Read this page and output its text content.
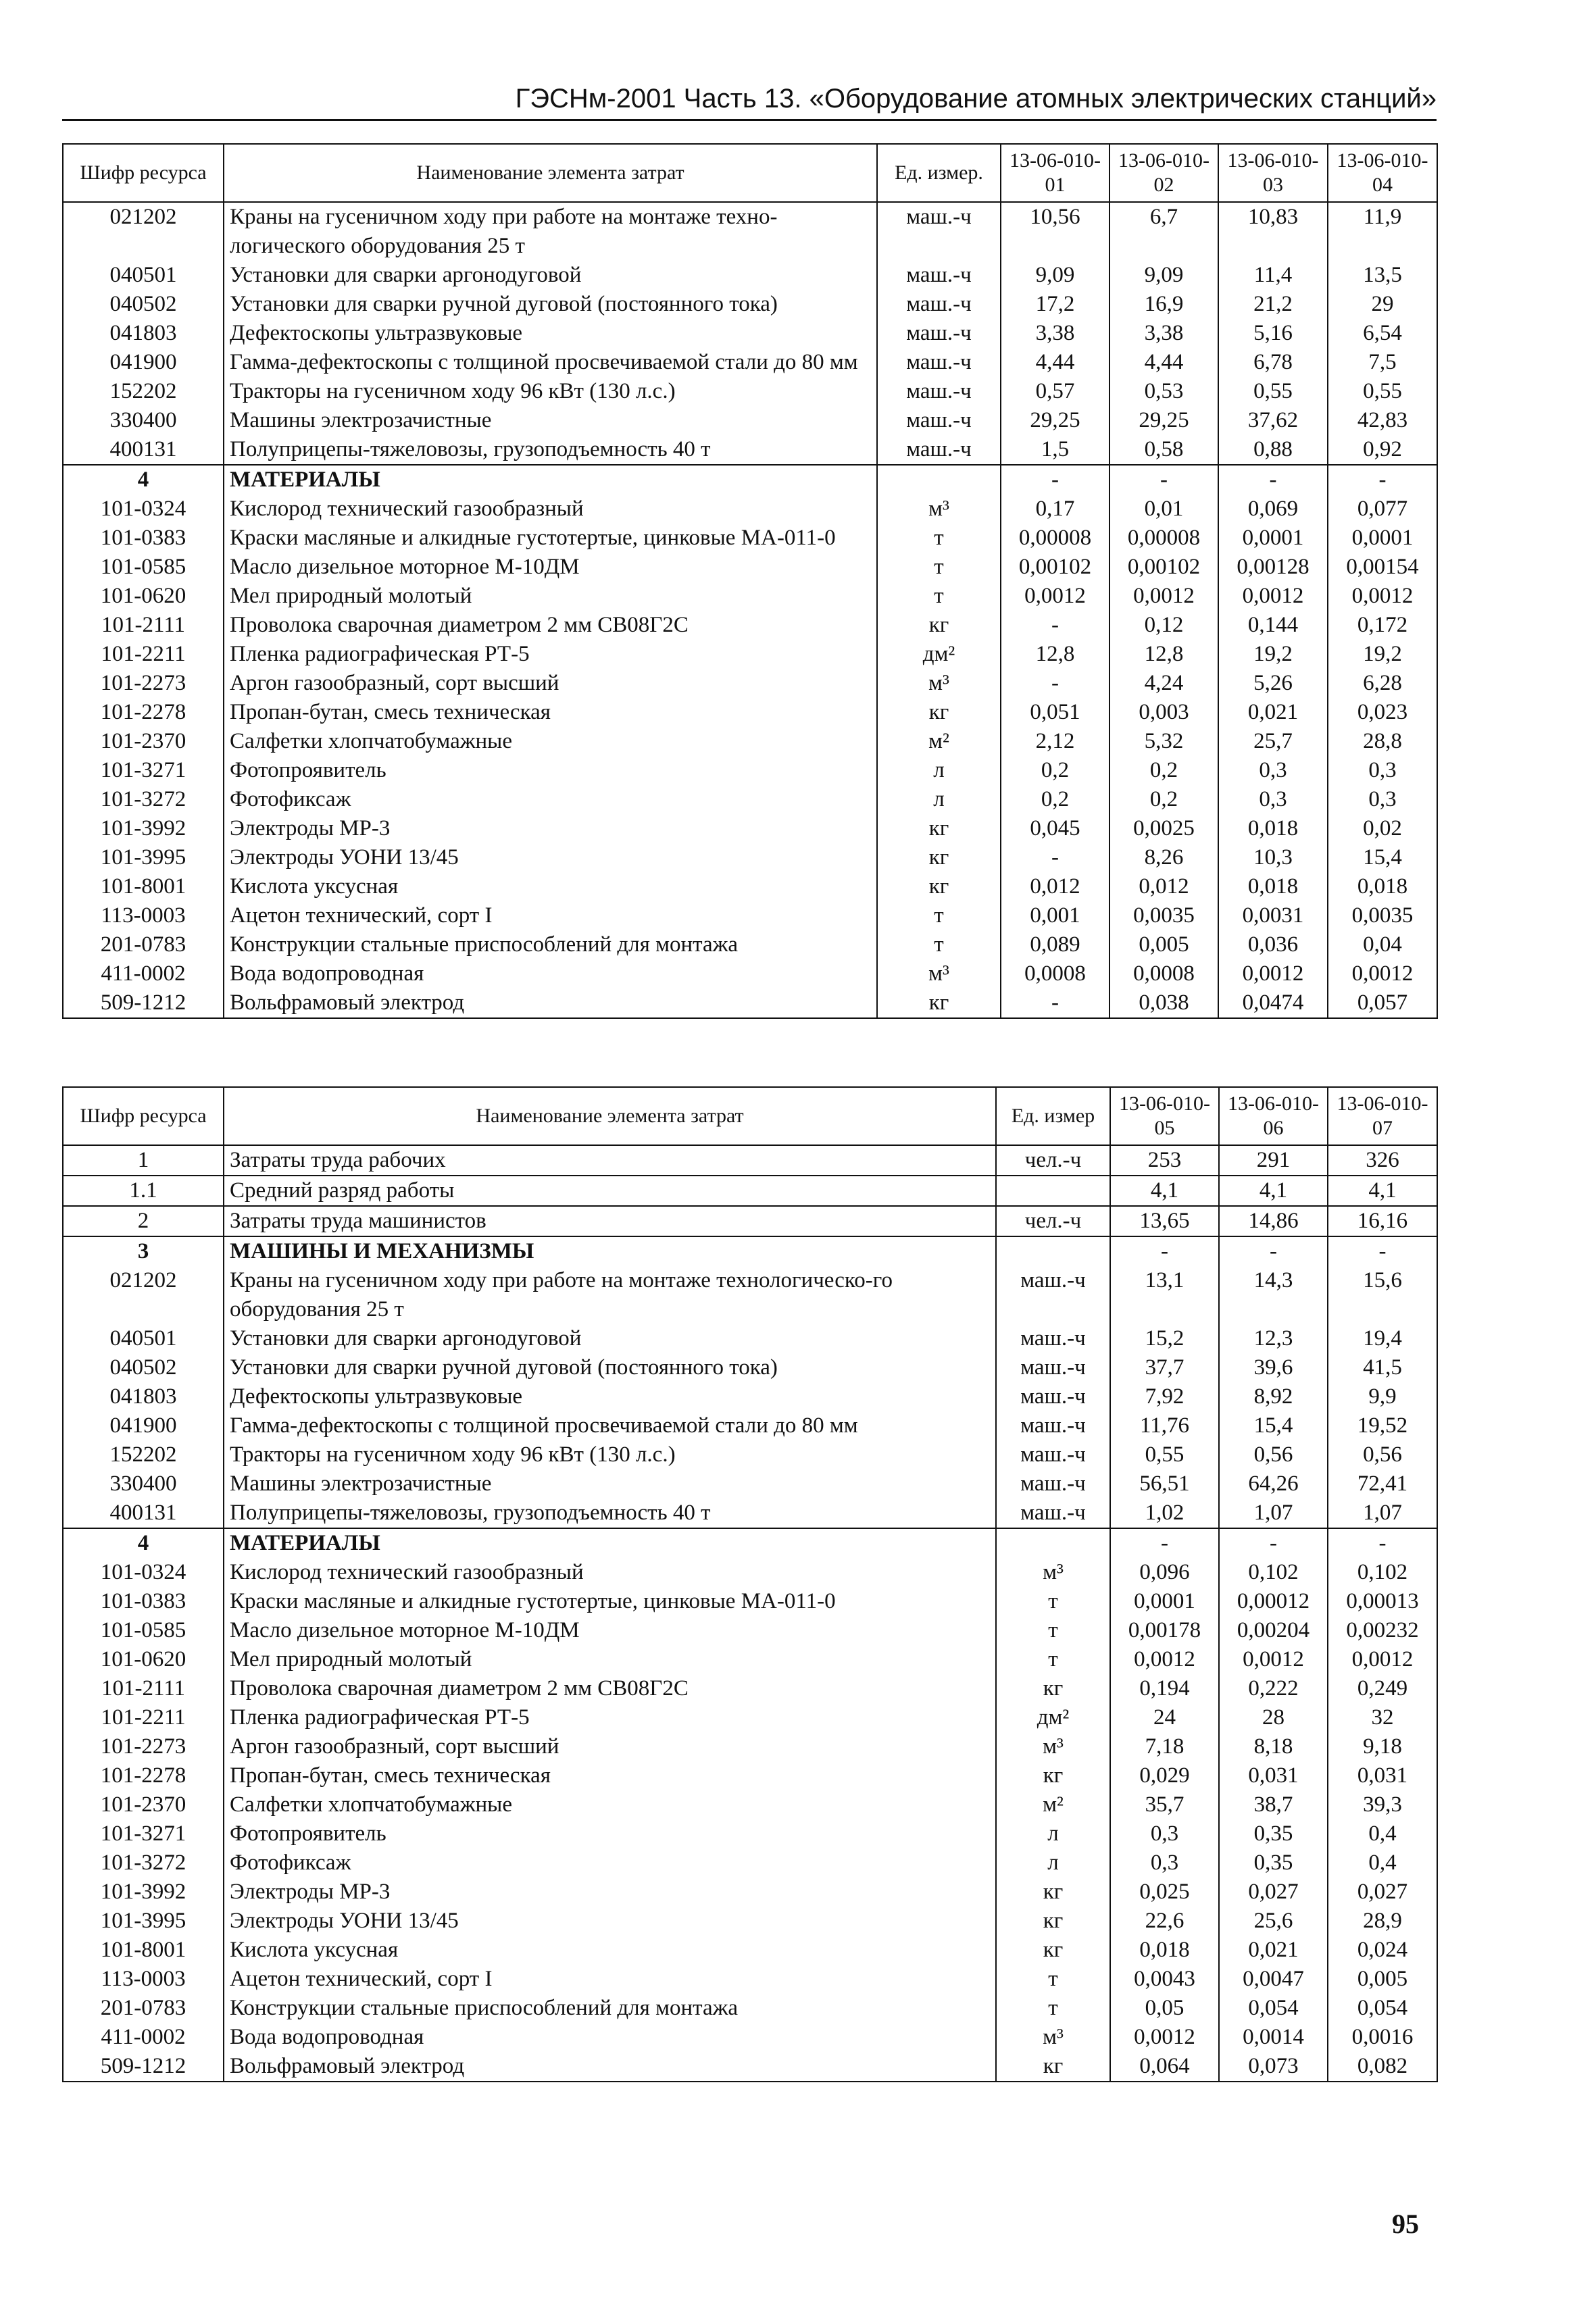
ГЭСНм-2001 Часть 13. «Оборудование атомных электрических станций»
Шифр ресурса	Наименование элемента затрат	Ед. измер.	13-06-010-01	13-06-010-02	13-06-010-03	13-06-010-04
021202	Краны на гусеничном ходу при работе на монтаже техно-логического оборудования 25 т	маш.-ч	10,56	6,7	10,83	11,9
040501	Установки для сварки аргонодуговой	маш.-ч	9,09	9,09	11,4	13,5
040502	Установки для сварки ручной дуговой (постоянного тока)	маш.-ч	17,2	16,9	21,2	29
041803	Дефектоскопы ультразвуковые	маш.-ч	3,38	3,38	5,16	6,54
041900	Гамма-дефектоскопы с толщиной просвечиваемой стали до 80 мм	маш.-ч	4,44	4,44	6,78	7,5
152202	Тракторы на гусеничном ходу 96 кВт (130 л.с.)	маш.-ч	0,57	0,53	0,55	0,55
330400	Машины электрозачистные	маш.-ч	29,25	29,25	37,62	42,83
400131	Полуприцепы-тяжеловозы, грузоподъемность 40 т	маш.-ч	1,5	0,58	0,88	0,92
4	МАТЕРИАЛЫ		-	-	-	-
101-0324	Кислород технический газообразный	м³	0,17	0,01	0,069	0,077
101-0383	Краски масляные и алкидные густотертые, цинковые МА-011-0	т	0,00008	0,00008	0,0001	0,0001
101-0585	Масло дизельное моторное М-10ДМ	т	0,00102	0,00102	0,00128	0,00154
101-0620	Мел природный молотый	т	0,0012	0,0012	0,0012	0,0012
101-2111	Проволока сварочная диаметром 2 мм СВ08Г2С	кг	-	0,12	0,144	0,172
101-2211	Пленка радиографическая РТ-5	дм²	12,8	12,8	19,2	19,2
101-2273	Аргон газообразный, сорт высший	м³	-	4,24	5,26	6,28
101-2278	Пропан-бутан, смесь техническая	кг	0,051	0,003	0,021	0,023
101-2370	Салфетки хлопчатобумажные	м²	2,12	5,32	25,7	28,8
101-3271	Фотопроявитель	л	0,2	0,2	0,3	0,3
101-3272	Фотофиксаж	л	0,2	0,2	0,3	0,3
101-3992	Электроды МР-3	кг	0,045	0,0025	0,018	0,02
101-3995	Электроды УОНИ 13/45	кг	-	8,26	10,3	15,4
101-8001	Кислота уксусная	кг	0,012	0,012	0,018	0,018
113-0003	Ацетон технический, сорт I	т	0,001	0,0035	0,0031	0,0035
201-0783	Конструкции стальные приспособлений для монтажа	т	0,089	0,005	0,036	0,04
411-0002	Вода водопроводная	м³	0,0008	0,0008	0,0012	0,0012
509-1212	Вольфрамовый электрод	кг	-	0,038	0,0474	0,057
Шифр ресурса	Наименование элемента затрат	Ед. измер	13-06-010-05	13-06-010-06	13-06-010-07
1	Затраты труда рабочих	чел.-ч	253	291	326
1.1	Средний разряд работы		4,1	4,1	4,1
2	Затраты труда машинистов	чел.-ч	13,65	14,86	16,16
3	МАШИНЫ И МЕХАНИЗМЫ		-	-	-
021202	Краны на гусеничном ходу при работе на монтаже технологическо-го оборудования 25 т	маш.-ч	13,1	14,3	15,6
040501	Установки для сварки аргонодуговой	маш.-ч	15,2	12,3	19,4
040502	Установки для сварки ручной дуговой (постоянного тока)	маш.-ч	37,7	39,6	41,5
041803	Дефектоскопы ультразвуковые	маш.-ч	7,92	8,92	9,9
041900	Гамма-дефектоскопы с толщиной просвечиваемой стали до 80 мм	маш.-ч	11,76	15,4	19,52
152202	Тракторы на гусеничном ходу 96 кВт (130 л.с.)	маш.-ч	0,55	0,56	0,56
330400	Машины электрозачистные	маш.-ч	56,51	64,26	72,41
400131	Полуприцепы-тяжеловозы, грузоподъемность 40 т	маш.-ч	1,02	1,07	1,07
4	МАТЕРИАЛЫ		-	-	-
101-0324	Кислород технический газообразный	м³	0,096	0,102	0,102
101-0383	Краски масляные и алкидные густотертые, цинковые МА-011-0	т	0,0001	0,00012	0,00013
101-0585	Масло дизельное моторное М-10ДМ	т	0,00178	0,00204	0,00232
101-0620	Мел природный молотый	т	0,0012	0,0012	0,0012
101-2111	Проволока сварочная диаметром 2 мм СВ08Г2С	кг	0,194	0,222	0,249
101-2211	Пленка радиографическая РТ-5	дм²	24	28	32
101-2273	Аргон газообразный, сорт высший	м³	7,18	8,18	9,18
101-2278	Пропан-бутан, смесь техническая	кг	0,029	0,031	0,031
101-2370	Салфетки хлопчатобумажные	м²	35,7	38,7	39,3
101-3271	Фотопроявитель	л	0,3	0,35	0,4
101-3272	Фотофиксаж	л	0,3	0,35	0,4
101-3992	Электроды МР-3	кг	0,025	0,027	0,027
101-3995	Электроды УОНИ 13/45	кг	22,6	25,6	28,9
101-8001	Кислота уксусная	кг	0,018	0,021	0,024
113-0003	Ацетон технический, сорт I	т	0,0043	0,0047	0,005
201-0783	Конструкции стальные приспособлений для монтажа	т	0,05	0,054	0,054
411-0002	Вода водопроводная	м³	0,0012	0,0014	0,0016
509-1212	Вольфрамовый электрод	кг	0,064	0,073	0,082
95
